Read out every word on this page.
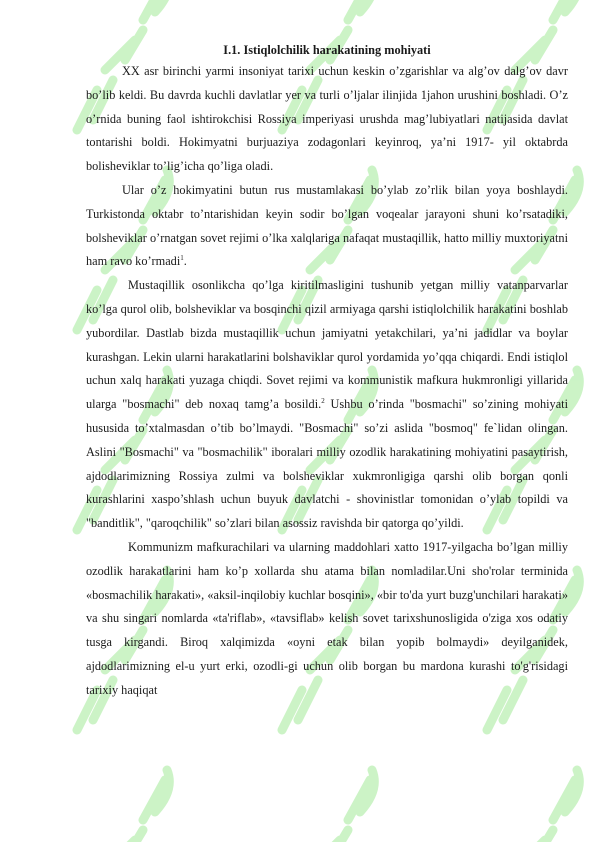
I.1. Istiqlolchilik harakatining mohiyati

XX asr birinchi yarmi insoniyat tarixi uchun keskin o’zgarishlar va alg’ov dalg’ov davr bo’lib keldi. Bu davrda kuchli davlatlar yer va turli o’ljalar ilinjida 1jahon urushini boshladi. O’z o’rnida buning faol ishtirokchisi Rossiya imperiyasi urushda mag’lubiyatlari natijasida davlat tontarishi boldi. Hokimyatni burjuaziya zodagonlari keyinroq, ya’ni 1917- yil oktabrda bolisheviklar to’lig’icha qo’liga oladi.

Ular o’z hokimyatini butun rus mustamlakasi bo’ylab zo’rlik bilan yoya boshlaydi. Turkistonda oktabr to’ntarishidan keyin sodir bo’lgan voqealar jarayoni shuni ko’rsatadiki, bolsheviklar o’rnatgan sovet rejimi o’lka xalqlariga nafaqat mustaqillik, hatto milliy muxtoriyatni ham ravo ko’rmadi$^1$.

Mustaqillik osonlikcha qo’lga kiritilmasligini tushunib yetgan milliy vatanparvarlar ko’lga qurol olib, bolsheviklar va bosqinchi qizil armiyaga qarshi istiqlolchilik harakatini boshlab yubordilar. Dastlab bizda mustaqillik uchun jamiyatni yetakchilari, ya’ni jadidlar va boylar kurashgan. Lekin ularni harakatlarini bolshaviklar qurol yordamida yo’qqa chiqardi. Endi istiqlol uchun xalq harakati yuzaga chiqdi. Sovet rejimi va kommunistik mafkura hukmronligi yillarida ularga "bosmachi" deb noxaq tamg’a bosildi.$^2$ Ushbu o’rinda "bosmachi" so’zining mohiyati hususida to’xtalmasdan o’tib bo’lmaydi. "Bosmachi" so’zi aslida "bosmoq" fe`lidan olingan. Aslini "Bosmachi" va "bosmachilik" iboralari milliy ozodlik harakatining mohiyatini pasaytirish, ajdodlarimizning Rossiya zulmi va bolsheviklar xukmronligiga qarshi olib borgan qonli kurashlarini xaspo’shlash uchun buyuk davlatchi - shovinistlar tomonidan o’ylab topildi va "banditlik", "qaroqchilik" so’zlari bilan asossiz ravishda bir qatorga qo’yildi.

Kommunizm mafkurachilari va ularning maddohlari xatto 1917-yilgacha bo’lgan milliy ozodlik harakatlarini ham ko’p xollarda shu atama bilan nomladilar.Uni sho'rolar terminida «bosmachilik harakati», «aksil-inqilobiy kuchlar bosqini», «bir to'da yurt buzg'unchilari harakati» va shu singari nomlarda «ta'riflab», «tavsiflab» kelish sovet tarixshunosligida o'ziga xos odatiy tusga kirgandi. Biroq xalqimizda «oyni etak bilan yopib bolmaydi» deyilganidek, ajdodlarimizning el-u yurt erki, ozodli-gi uchun olib borgan bu mardona kurashi to'g'risidagi tarixiy haqiqat
